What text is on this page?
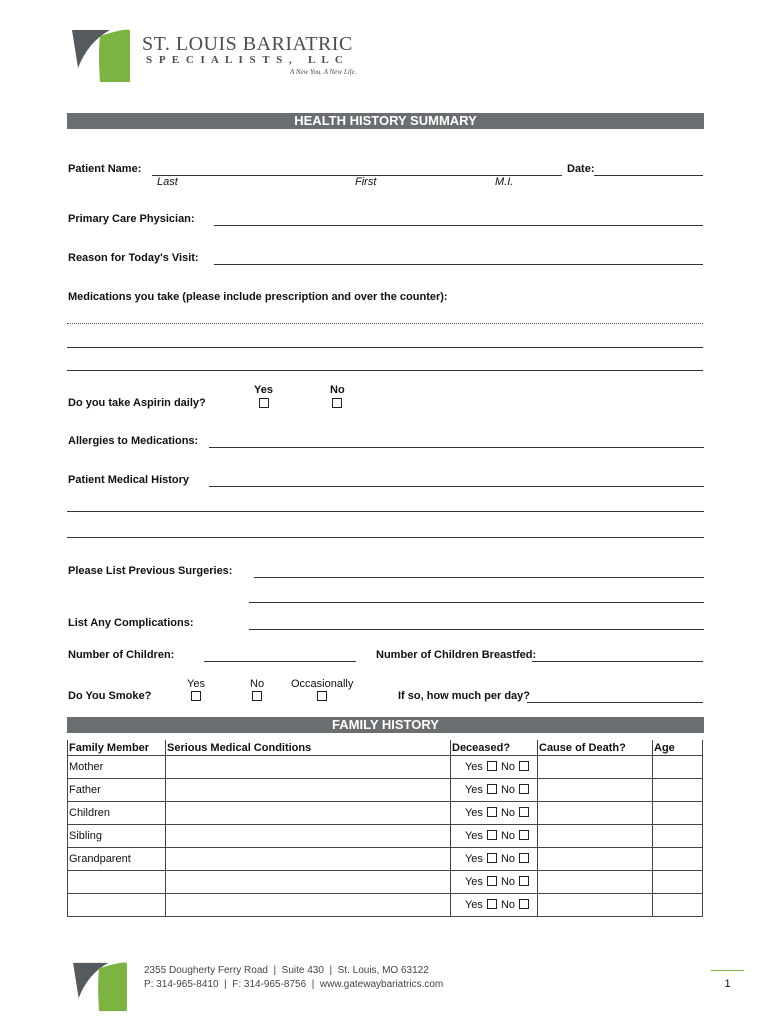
ST. LOUIS BARIATRIC
S P E C I A L I S T S ,   L L C
A New You. A New Life.
HEALTH HISTORY SUMMARY
Patient Name:
Last	First	M.I.
Date:
Primary Care Physician:
Reason for Today's Visit:
Medications you take (please include prescription and over the counter):
Yes	No
Do you take Aspirin daily?
Allergies to Medications:
Patient Medical History
Please List Previous Surgeries:
List Any Complications:
Number of Children:	Number of Children Breastfed:
Yes	No Occasionally
Do You Smoke?	If so, how much per day?
FAMILY HISTORY
Family Member	Serious Medical Conditions	Deceased?	Cause of Death?	Age
Mother		Yes No		
Father		Yes No		
Children		Yes No		
Sibling		Yes No		
Grandparent		Yes No		
		Yes No		
		Yes No		
2355 Dougherty Ferry Road  |  Suite 430  |  St. Louis, MO 63122
P: 314-965-8410  |  F: 314-965-8756  |  www.gatewaybariatrics.com	1
